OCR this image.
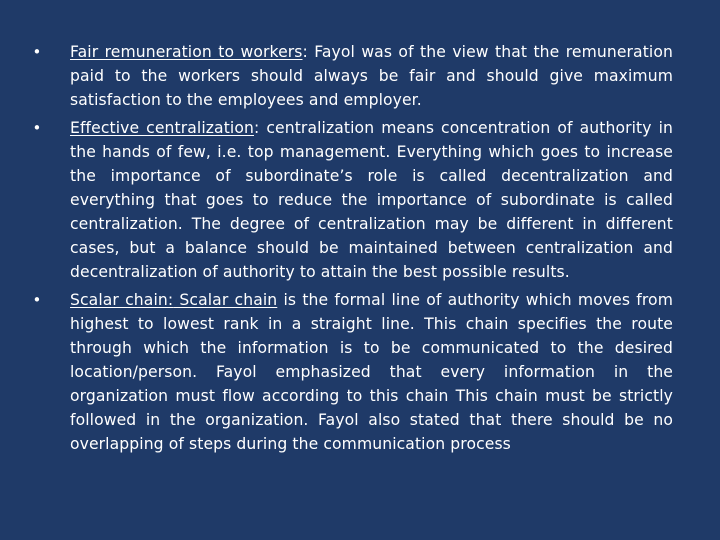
• Fair remuneration to workers: Fayol was of the view that the remuneration paid to the workers should always be fair and should give maximum satisfaction to the employees and employer.
• Effective centralization: centralization means concentration of authority in the hands of few, i.e. top management. Everything which goes to increase the importance of subordinate’s role is called decentralization and everything that goes to reduce the importance of subordinate is called centralization. The degree of centralization may be different in different cases, but a balance should be maintained between centralization and decentralization of authority to attain the best possible results.
• Scalar chain: Scalar chain is the formal line of authority which moves from highest to lowest rank in a straight line. This chain specifies the route through which the information is to be communicated to the desired location/person. Fayol emphasized that every information in the organization must flow according to this chain This chain must be strictly followed in the organization. Fayol also stated that there should be no overlapping of steps during the communication process
